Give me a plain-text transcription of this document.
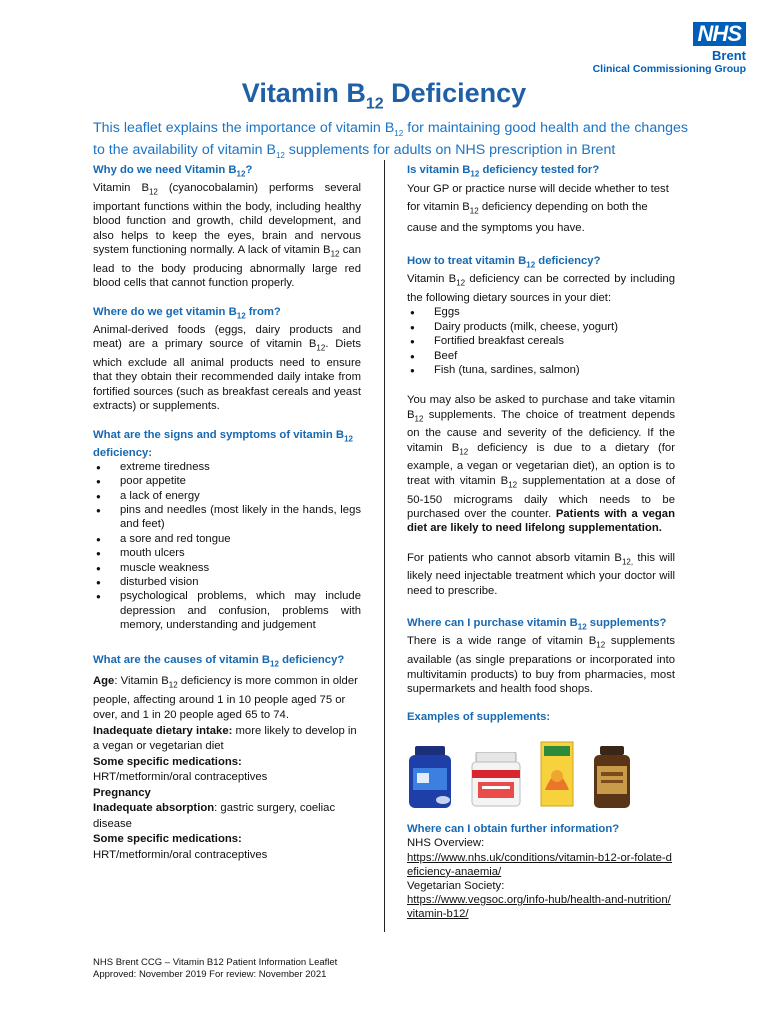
NHS
Brent
Clinical Commissioning Group
Vitamin $B_{12}$ Deficiency

This leaflet explains the importance of vitamin $B_{12}$ for maintaining good health and the changes to the availability of vitamin $B_{12}$ supplements for adults on NHS prescription in Brent

Why do we need Vitamin $B_{12}$?

Vitamin $B_{12}$ (cyanocobalamin) performs several important functions within the body, including healthy blood function and growth, child development, and also helps to keep the eyes, brain and nervous system functioning normally. A lack of vitamin $B_{12}$ can lead to the body producing abnormally large red blood cells that cannot function properly.

Where do we get vitamin $B_{12}$ from?

Animal-derived foods (eggs, dairy products and meat) are a primary source of vitamin $B_{12}$. Diets which exclude all animal products need to ensure that they obtain their recommended daily intake from fortified sources (such as breakfast cereals and yeast extracts) or supplements.

What are the signs and symptoms of vitamin $B_{12}$ deficiency:
● extreme tiredness
● poor appetite
● a lack of energy
● pins and needles (most likely in the hands, legs and feet)
● a sore and red tongue
● mouth ulcers
● muscle weakness
● disturbed vision
● psychological problems, which may include depression and confusion, problems with memory, understanding and judgement
What are the causes of vitamin $B_{12}$ deficiency?

Age: Vitamin $B_{12}$ deficiency is more common in older people, affecting around 1 in 10 people aged 75 or over, and 1 in 20 people aged 65 to 74.

Inadequate dietary intake: more likely to develop in a vegan or vegetarian diet

Some specific medications:
HRT/metformin/oral contraceptives

Pregnancy

Inadequate absorption: gastric surgery, coeliac disease

Some specific medications:
HRT/metformin/oral contraceptives

Is vitamin $B_{12}$ deficiency tested for?

Your GP or practice nurse will decide whether to test for vitamin $B_{12}$ deficiency depending on both the cause and the symptoms you have.

How to treat vitamin $B_{12}$ deficiency?

Vitamin $B_{12}$ deficiency can be corrected by including the following dietary sources in your diet:

● Eggs
● Dairy products (milk, cheese, yogurt)
● Fortified breakfast cereals
● Beef
● Fish (tuna, sardines, salmon)

You may also be asked to purchase and take vitamin $B_{12}$ supplements. The choice of treatment depends on the cause and severity of the deficiency. If the vitamin $B_{12}$ deficiency is due to a dietary (for example, a vegan or vegetarian diet), an option is to treat with vitamin $B_{12}$ supplementation at a dose of 50-150 micrograms daily which needs to be purchased over the counter. Patients with a vegan diet are likely to need lifelong supplementation.

For patients who cannot absorb vitamin $B_{12,}$ this will likely need injectable treatment which your doctor will need to prescribe.

Where can I purchase vitamin $B_{12}$ supplements?

There is a wide range of vitamin $B_{12}$ supplements available (as single preparations or incorporated into multivitamin products) to buy from pharmacies, most supermarkets and health food shops.

Examples of supplements:
Where can I obtain further information?
NHS Overview:
https://www.nhs.uk/conditions/vitamin-b12-or-folate-deficiency-anaemia/
Vegetarian Society:
https://www.vegsoc.org/info-hub/health-and-nutrition/vitamin-b12/
NHS Brent CCG – Vitamin B12 Patient Information Leaflet
Approved: November 2019 For review: November 2021
